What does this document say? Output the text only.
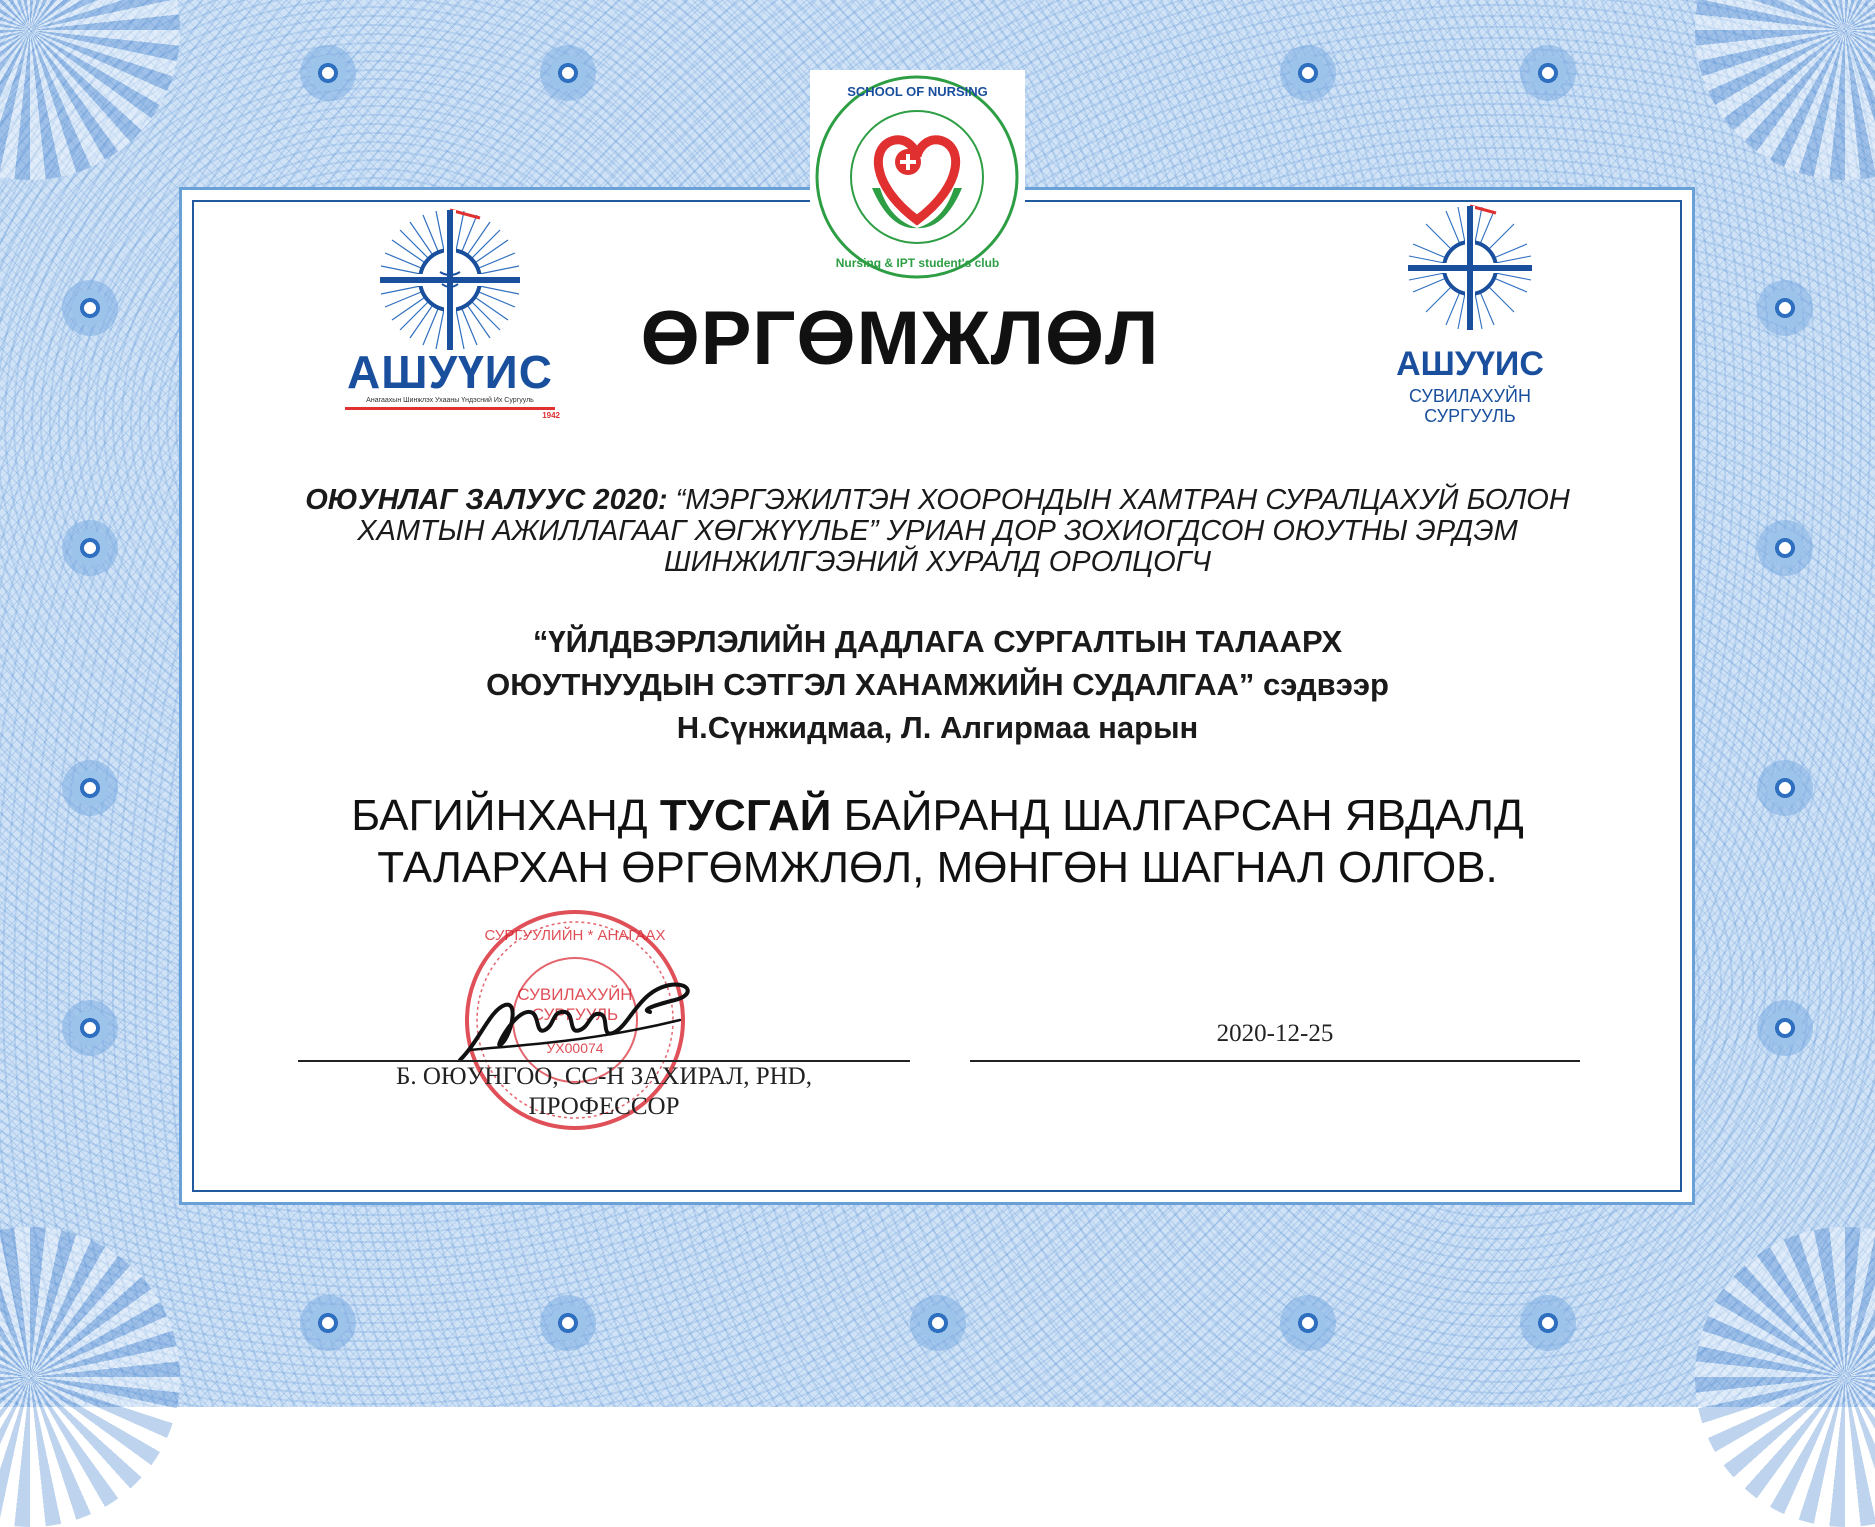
АШУҮИС
Анагаахын Шинжлэх Ухааны Үндэсний Их Сургууль
1942
SCHOOL OF NURSING
Nursing & IPT student's club
АШУҮИС
СУВИЛАХУЙН
СУРГУУЛЬ
ӨРГӨМЖЛӨЛ
ОЮУНЛАГ ЗАЛУУС 2020: “МЭРГЭЖИЛТЭН ХООРОНДЫН ХАМТРАН СУРАЛЦАХУЙ БОЛОН ХАМТЫН АЖИЛЛАГААГ ХӨГЖҮҮЛЬЕ” УРИАН ДОР ЗОХИОГДСОН ОЮУТНЫ ЭРДЭМ ШИНЖИЛГЭЭНИЙ ХУРАЛД ОРОЛЦОГЧ
“ҮЙЛДВЭРЛЭЛИЙН ДАДЛАГА СУРГАЛТЫН ТАЛААРХ
ОЮУТНУУДЫН СЭТГЭЛ ХАНАМЖИЙН СУДАЛГАА” сэдвээр
Н.Сүнжидмаа, Л. Алгирмаа нарын
БАГИЙНХАНД ТУСГАЙ БАЙРАНД ШАЛГАРСАН ЯВДАЛД
ТАЛАРХАН ӨРГӨМЖЛӨЛ, МӨНГӨН ШАГНАЛ ОЛГОВ.
СУРГУУЛИЙН * АНАГААХ
СУВИЛАХУЙН
СУРГУУЛЬ
УХ00074
Б. ОЮУНГОО, СС-Н ЗАХИРАЛ, PHD,
ПРОФЕССОР
2020-12-25
